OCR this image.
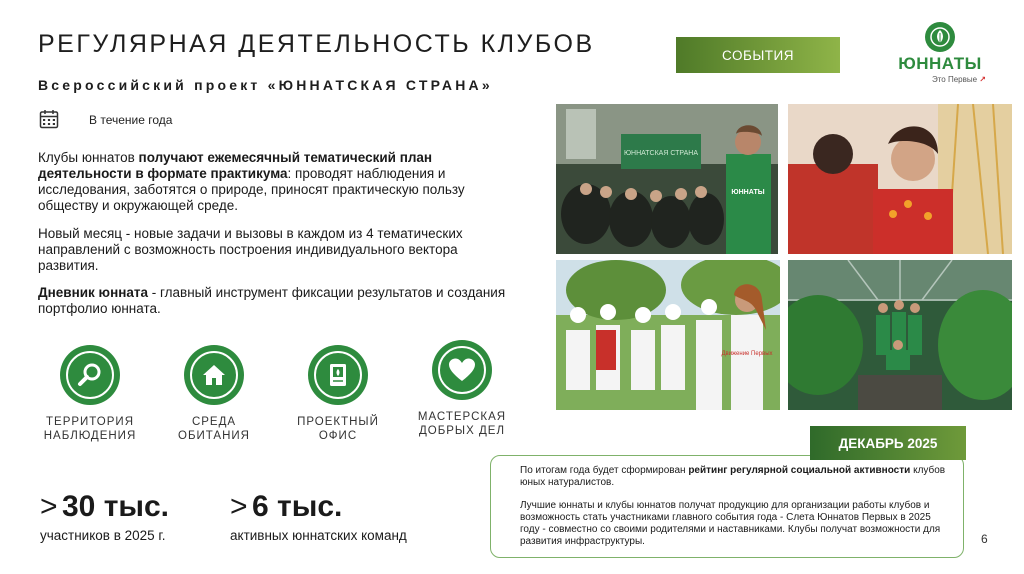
РЕГУЛЯРНАЯ ДЕЯТЕЛЬНОСТЬ КЛУБОВ
Всероссийский проект «ЮННАТСКАЯ СТРАНА»
СОБЫТИЯ	ЮННАТЫ
Это Первые ↗
В течение года
Клубы юннатов получают ежемесячный тематический план деятельности в формате практикума: проводят наблюдения и исследования, заботятся о природе, приносят практическую пользу обществу и окружающей среде.
Новый месяц - новые задачи и вызовы в каждом из 4 тематических направлений с возможность построения индивидуального вектора развития.
Дневник юнната - главный инструмент фиксации результатов и создания портфолио юнната.
ТЕРРИТОРИЯ НАБЛЮДЕНИЯ
СРЕДА ОБИТАНИЯ
ПРОЕКТНЫЙ ОФИС
МАСТЕРСКАЯ ДОБРЫХ ДЕЛ
> 30 тыс.
участников в 2025 г.
> 6 тыс.
активных юннатских команд
ЮННАТСКАЯ СТРАНА
ЮННАТЫ
Движение Первых
ДЕКАБРЬ 2025
По итогам года будет сформирован рейтинг регулярной социальной активности клубов юных натуралистов.
Лучшие юннаты и клубы юннатов получат продукцию для организации работы клубов и возможность стать участниками главного события года - Слета Юннатов Первых в 2025 году - совместно со своими родителями и наставниками. Клубы получат возможности для развития инфраструктуры.	6
